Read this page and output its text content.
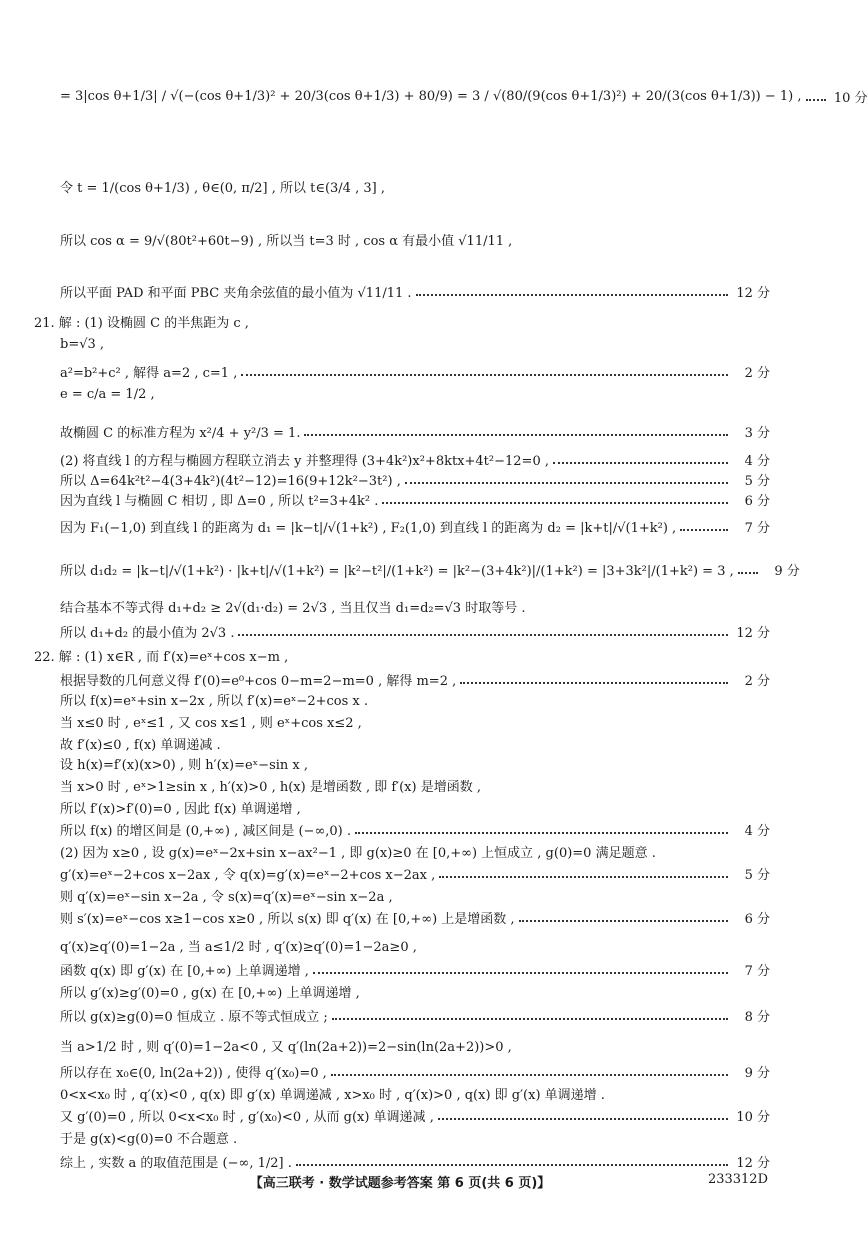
= 3|cos θ+1/3| / √(−(cos θ+1/3)² + 20/3(cos θ+1/3) + 80/9) = 3 / √(80/(9(cos θ+1/3)²) + 20/(3(cos θ+1/3)) − 1) ,	10 分
令 t = 1/(cos θ+1/3) , θ∈(0, π/2] , 所以 t∈(3/4 , 3] ,
所以 cos α = 9/√(80t²+60t−9) , 所以当 t=3 时 , cos α 有最小值 √11/11 ,
所以平面 PAD 和平面 PBC 夹角余弦值的最小值为 √11/11 .	12 分
21. 解 : (1) 设椭圆 C 的半焦距为 c ,
b=√3 ,
a²=b²+c² , 解得 a=2 , c=1 ,	2 分
e = c/a = 1/2 ,
故椭圆 C 的标准方程为 x²/4 + y²/3 = 1.	3 分
(2) 将直线 l 的方程与椭圆方程联立消去 y 并整理得 (3+4k²)x²+8ktx+4t²−12=0 ,	4 分
所以 Δ=64k²t²−4(3+4k²)(4t²−12)=16(9+12k²−3t²) ,	5 分
因为直线 l 与椭圆 C 相切 , 即 Δ=0 , 所以 t²=3+4k² .	6 分
因为 F₁(−1,0) 到直线 l 的距离为 d₁ = |k−t|/√(1+k²) , F₂(1,0) 到直线 l 的距离为 d₂ = |k+t|/√(1+k²) ,	7 分
所以 d₁d₂ = |k−t|/√(1+k²) · |k+t|/√(1+k²) = |k²−t²|/(1+k²) = |k²−(3+4k²)|/(1+k²) = |3+3k²|/(1+k²) = 3 ,	9 分
结合基本不等式得 d₁+d₂ ≥ 2√(d₁·d₂) = 2√3 , 当且仅当 d₁=d₂=√3 时取等号 .
所以 d₁+d₂ 的最小值为 2√3 .	12 分
22. 解 : (1) x∈R , 而 f′(x)=eˣ+cos x−m ,
根据导数的几何意义得 f′(0)=e⁰+cos 0−m=2−m=0 , 解得 m=2 ,	2 分
所以 f(x)=eˣ+sin x−2x , 所以 f′(x)=eˣ−2+cos x .
当 x≤0 时 , eˣ≤1 , 又 cos x≤1 , 则 eˣ+cos x≤2 ,
故 f′(x)≤0 , f(x) 单调递减 .
设 h(x)=f′(x)(x>0) , 则 h′(x)=eˣ−sin x ,
当 x>0 时 , eˣ>1≥sin x , h′(x)>0 , h(x) 是增函数 , 即 f′(x) 是增函数 ,
所以 f′(x)>f′(0)=0 , 因此 f(x) 单调递增 ,
所以 f(x) 的增区间是 (0,+∞) , 减区间是 (−∞,0) .	4 分
(2) 因为 x≥0 , 设 g(x)=eˣ−2x+sin x−ax²−1 , 即 g(x)≥0 在 [0,+∞) 上恒成立 , g(0)=0 满足题意 .
g′(x)=eˣ−2+cos x−2ax , 令 q(x)=g′(x)=eˣ−2+cos x−2ax ,	5 分
则 q′(x)=eˣ−sin x−2a , 令 s(x)=q′(x)=eˣ−sin x−2a ,
则 s′(x)=eˣ−cos x≥1−cos x≥0 , 所以 s(x) 即 q′(x) 在 [0,+∞) 上是增函数 ,	6 分
q′(x)≥q′(0)=1−2a , 当 a≤1/2 时 , q′(x)≥q′(0)=1−2a≥0 ,
函数 q(x) 即 g′(x) 在 [0,+∞) 上单调递增 ,	7 分
所以 g′(x)≥g′(0)=0 , g(x) 在 [0,+∞) 上单调递增 ,
所以 g(x)≥g(0)=0 恒成立 . 原不等式恒成立 ;	8 分
当 a>1/2 时 , 则 q′(0)=1−2a<0 , 又 q′(ln(2a+2))=2−sin(ln(2a+2))>0 ,
所以存在 x₀∈(0, ln(2a+2)) , 使得 q′(x₀)=0 ,	9 分
0<x<x₀ 时 , q′(x)<0 , q(x) 即 g′(x) 单调递减 , x>x₀ 时 , q′(x)>0 , q(x) 即 g′(x) 单调递增 .
又 g′(0)=0 , 所以 0<x<x₀ 时 , g′(x₀)<0 , 从而 g(x) 单调递减 ,	10 分
于是 g(x)<g(0)=0 不合题意 .
综上 , 实数 a 的取值范围是 (−∞, 1/2] .	12 分
【高三联考 · 数学试题参考答案 第 6 页(共 6 页)】	233312D
